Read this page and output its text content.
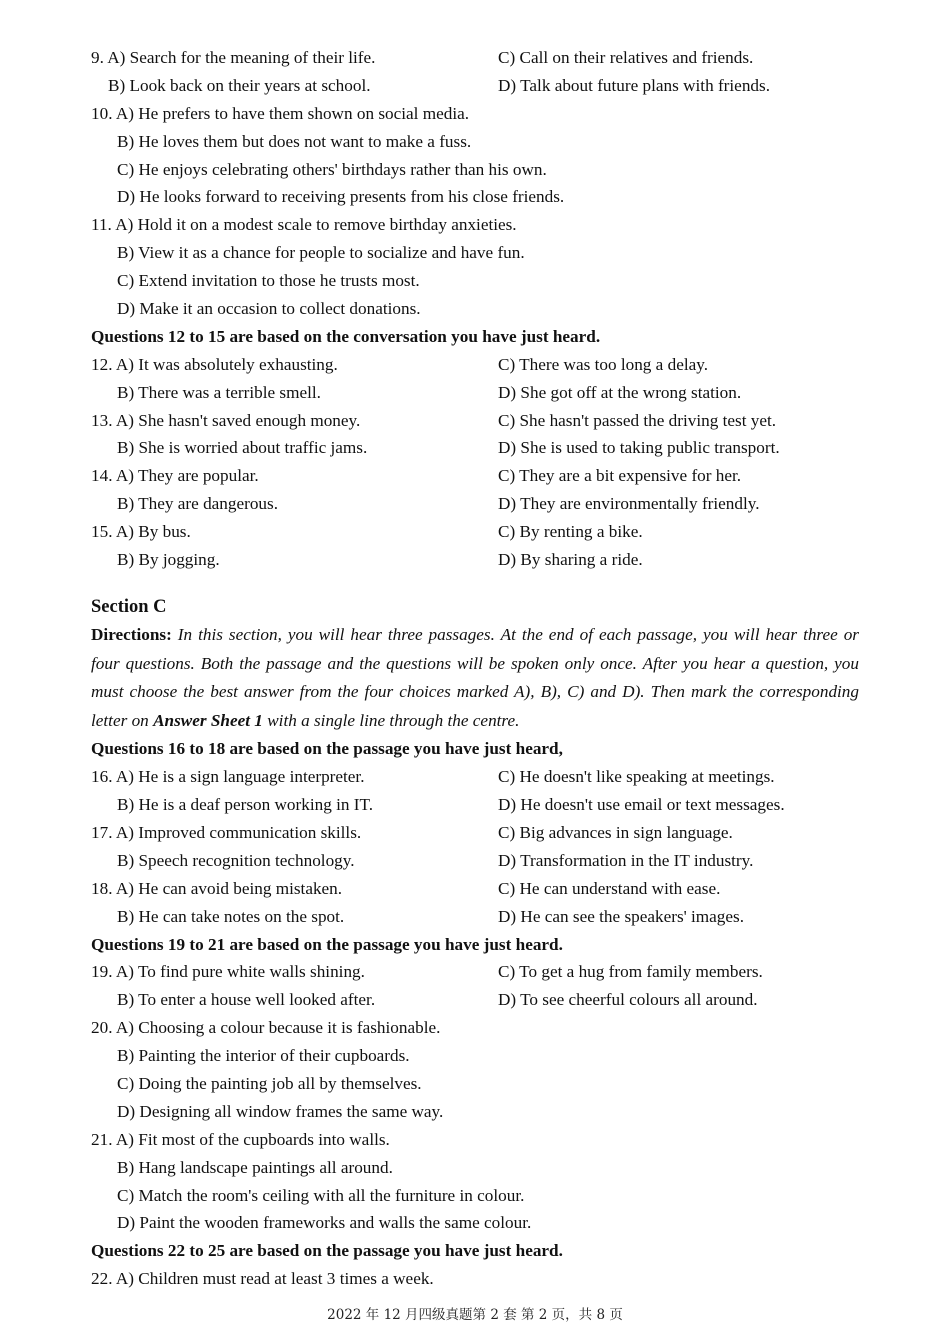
9. A) Search for the meaning of their life.	C) Call on their relatives and friends.
B) Look back on their years at school.	D) Talk about future plans with friends.
10. A) He prefers to have them shown on social media.
B) He loves them but does not want to make a fuss.
C) He enjoys celebrating others' birthdays rather than his own.
D) He looks forward to receiving presents from his close friends.
11. A) Hold it on a modest scale to remove birthday anxieties.
B) View it as a chance for people to socialize and have fun.
C) Extend invitation to those he trusts most.
D) Make it an occasion to collect donations.
Questions 12 to 15 are based on the conversation you have just heard.
12. A) It was absolutely exhausting.	C) There was too long a delay.
B) There was a terrible smell.	D) She got off at the wrong station.
13. A) She hasn't saved enough money.	C) She hasn't passed the driving test yet.
B) She is worried about traffic jams.	D) She is used to taking public transport.
14. A) They are popular.	C) They are a bit expensive for her.
B) They are dangerous.	D) They are environmentally friendly.
15. A) By bus.	C) By renting a bike.
B) By jogging.	D) By sharing a ride.
Section C
Directions: In this section, you will hear three passages. At the end of each passage, you will hear three or four questions. Both the passage and the questions will be spoken only once. After you hear a question, you must choose the best answer from the four choices marked A), B), C) and D). Then mark the corresponding letter on Answer Sheet 1 with a single line through the centre.
Questions 16 to 18 are based on the passage you have just heard,
16. A) He is a sign language interpreter.	C) He doesn't like speaking at meetings.
B) He is a deaf person working in IT.	D) He doesn't use email or text messages.
17. A) Improved communication skills.	C) Big advances in sign language.
B) Speech recognition technology.	D) Transformation in the IT industry.
18. A) He can avoid being mistaken.	C) He can understand with ease.
B) He can take notes on the spot.	D) He can see the speakers' images.
Questions 19 to 21 are based on the passage you have just heard.
19. A) To find pure white walls shining.	C) To get a hug from family members.
B) To enter a house well looked after.	D) To see cheerful colours all around.
20. A) Choosing a colour because it is fashionable.
B) Painting the interior of their cupboards.
C) Doing the painting job all by themselves.
D) Designing all window frames the same way.
21. A) Fit most of the cupboards into walls.
B) Hang landscape paintings all around.
C) Match the room's ceiling with all the furniture in colour.
D) Paint the wooden frameworks and walls the same colour.
Questions 22 to 25 are based on the passage you have just heard.
22. A) Children must read at least 3 times a week.
2022 年 12 月四级真题第 2 套 第 2 页，共 8 页
